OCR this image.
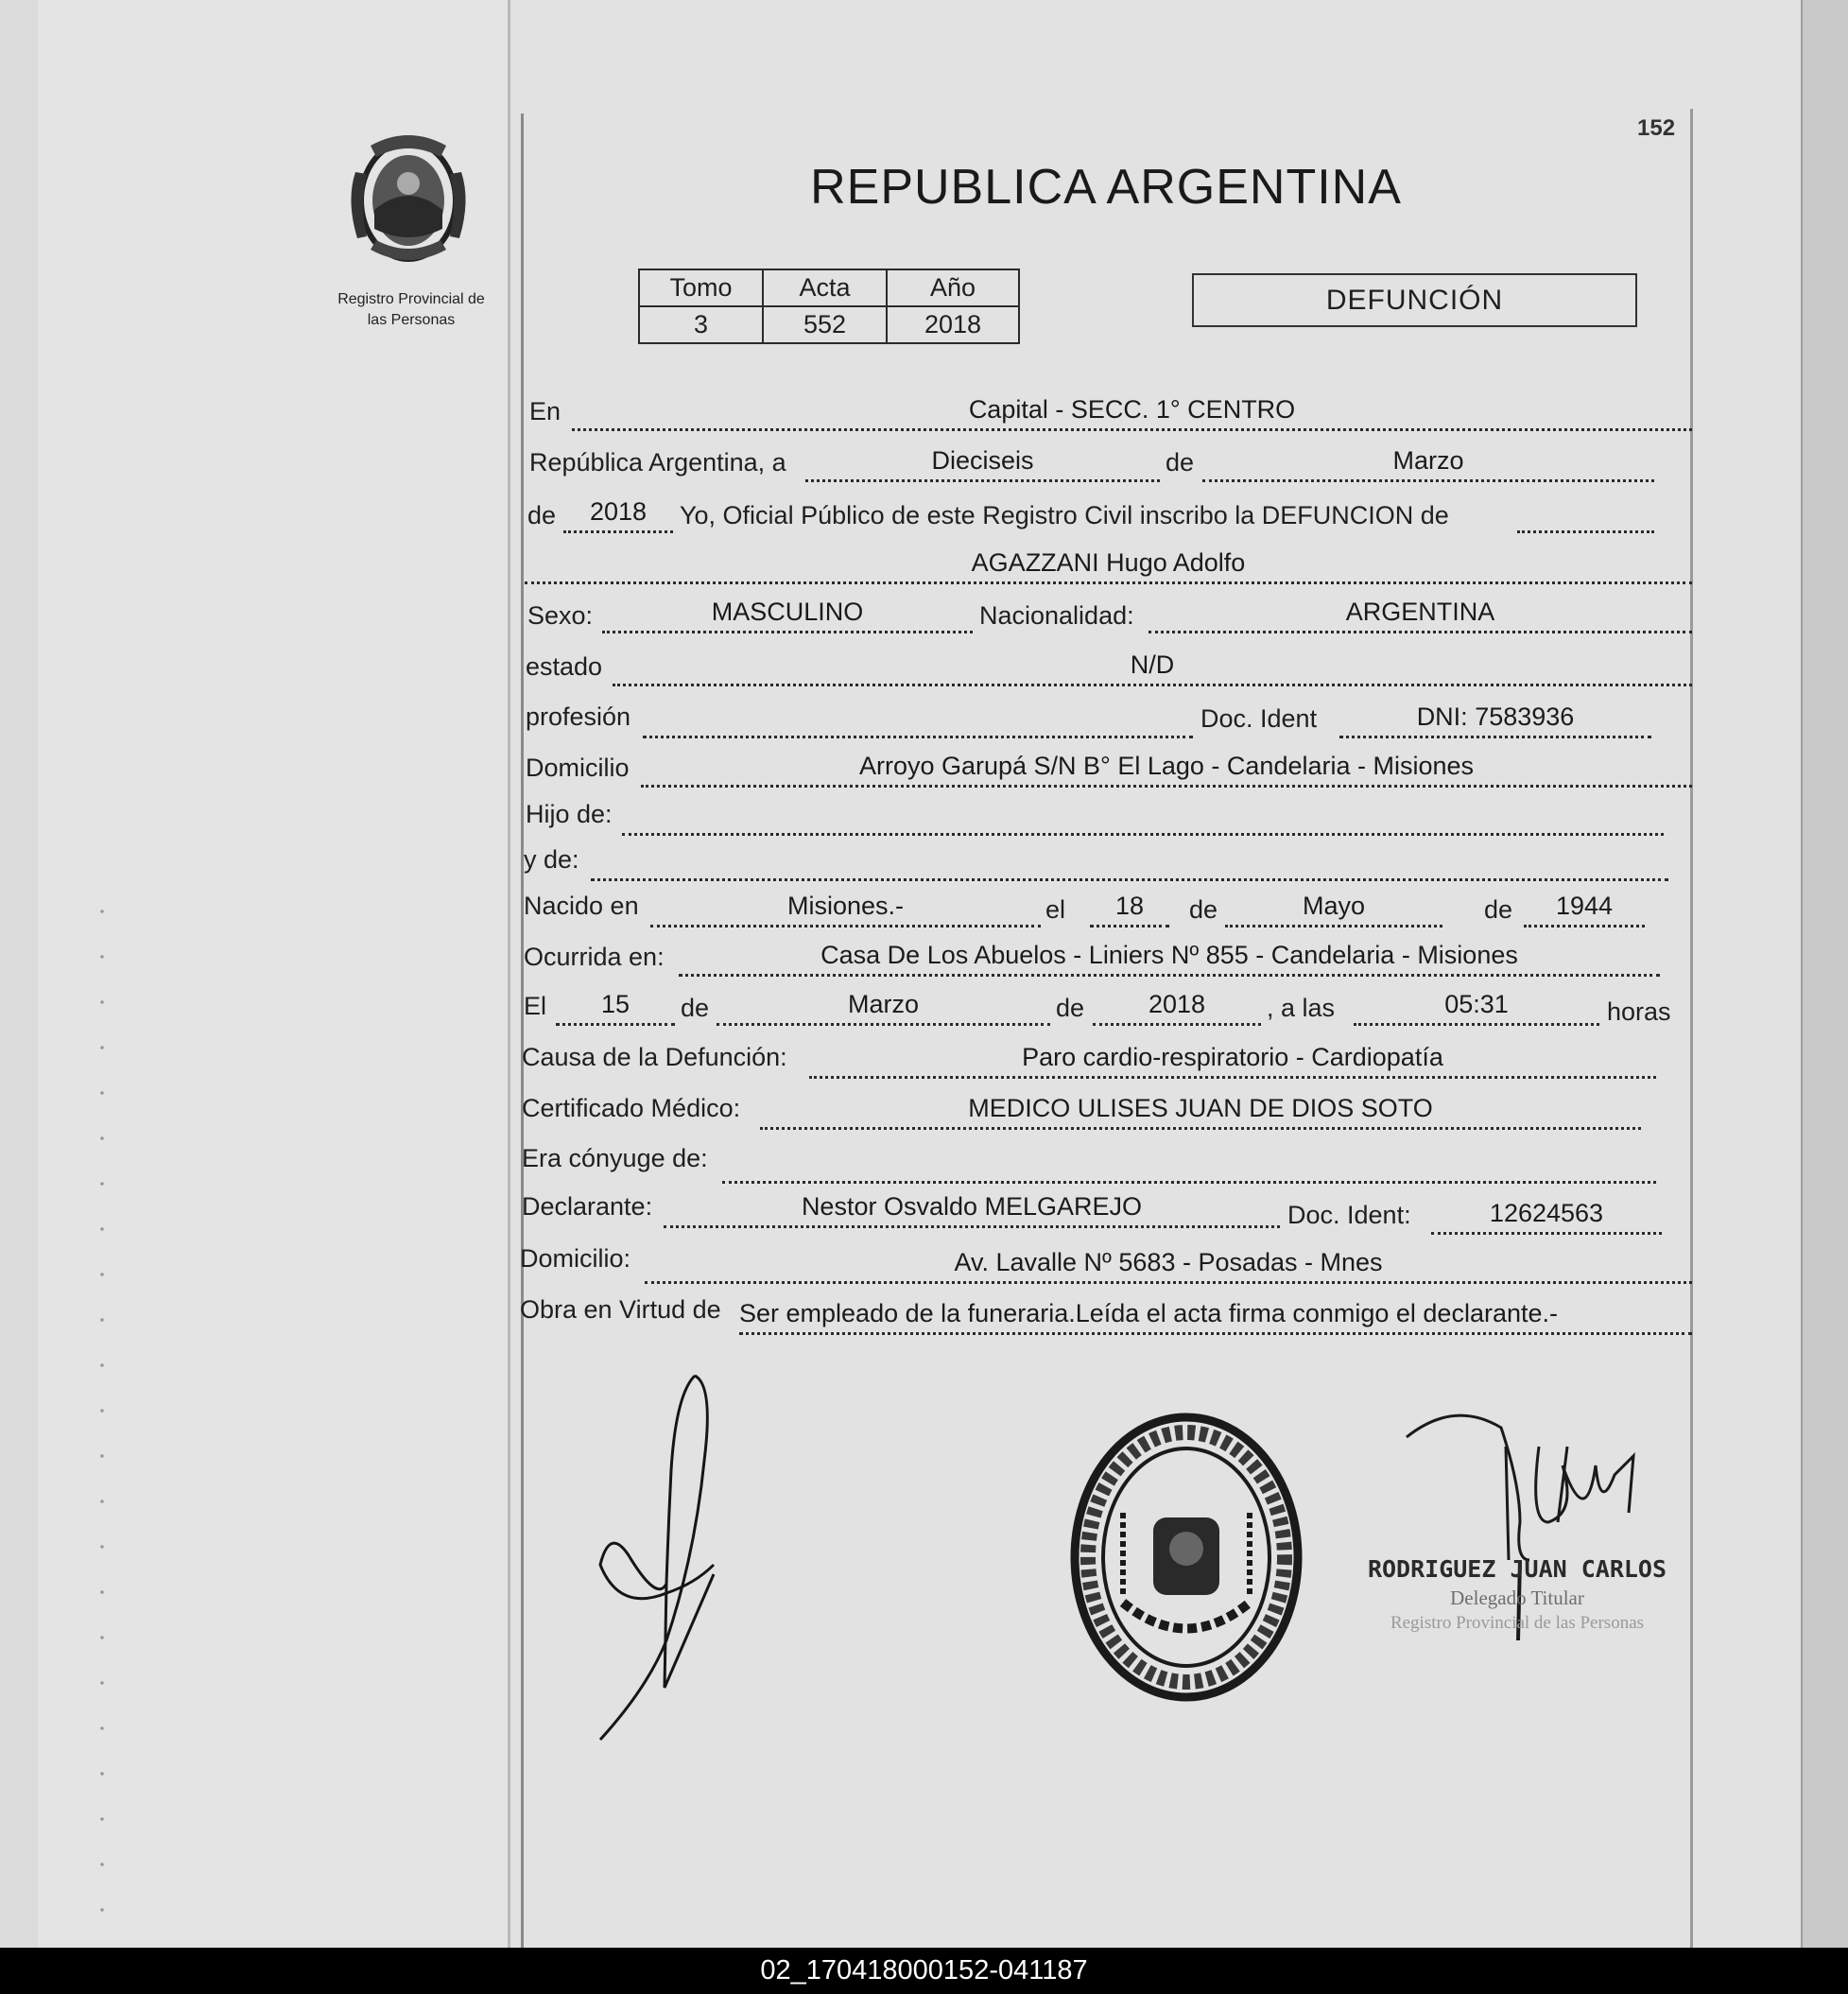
Registro Provincial de
las Personas
152
REPUBLICA ARGENTINA
Tomo	Acta	Año
3	552	2018
DEFUNCIÓN
En	Capital - SECC. 1° CENTRO
República Argentina, a	Dieciseis	de	Marzo
de	2018	Yo, Oficial Público de este Registro Civil inscribo la DEFUNCION de
AGAZZANI Hugo Adolfo
Sexo:	MASCULINO	Nacionalidad:	ARGENTINA
estado	N/D
profesión	Doc. Ident	DNI: 7583936
Domicilio	Arroyo Garupá S/N B° El Lago - Candelaria - Misiones
Hijo de:
y de:
Nacido en	Misiones.-	el	18	de	Mayo	de	1944
Ocurrida en:	Casa De Los Abuelos - Liniers Nº 855 - Candelaria - Misiones
El	15	de	Marzo	de	2018	, a las	05:31	horas
Causa de la Defunción:	Paro cardio-respiratorio - Cardiopatía
Certificado Médico:	MEDICO ULISES JUAN DE DIOS SOTO
Era cónyuge de:
Declarante:	Nestor Osvaldo MELGAREJO	Doc. Ident:	12624563
Domicilio:	Av. Lavalle Nº 5683 - Posadas - Mnes
Obra en Virtud de Ser empleado de la funeraria.Leída el acta firma conmigo el declarante.-
RODRIGUEZ JUAN CARLOS
Delegado Titular
Registro Provincial de las Personas
02_170418000152-041187
